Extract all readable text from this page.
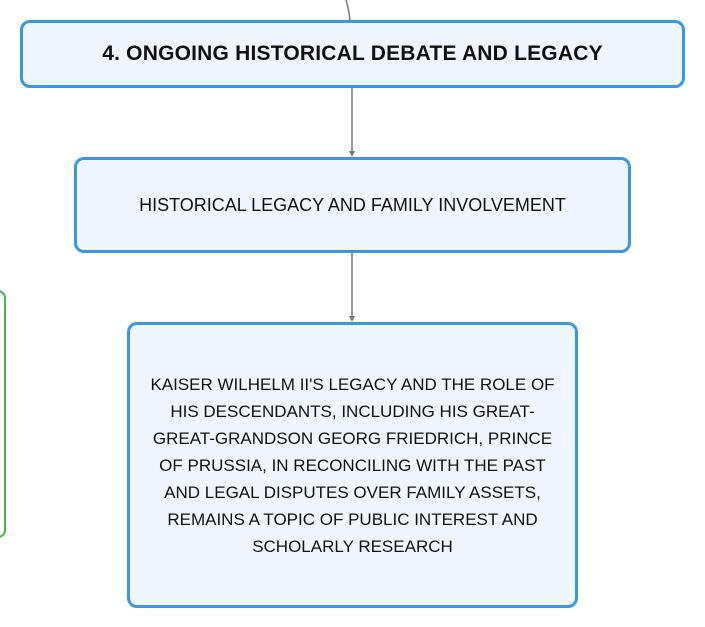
4. ONGOING HISTORICAL DEBATE AND LEGACY
HISTORICAL LEGACY AND FAMILY INVOLVEMENT
KAISER WILHELM II'S LEGACY AND THE ROLE OF HIS DESCENDANTS, INCLUDING HIS GREAT-GREAT-GRANDSON GEORG FRIEDRICH, PRINCE OF PRUSSIA, IN RECONCILING WITH THE PAST AND LEGAL DISPUTES OVER FAMILY ASSETS, REMAINS A TOPIC OF PUBLIC INTEREST AND SCHOLARLY RESEARCH
